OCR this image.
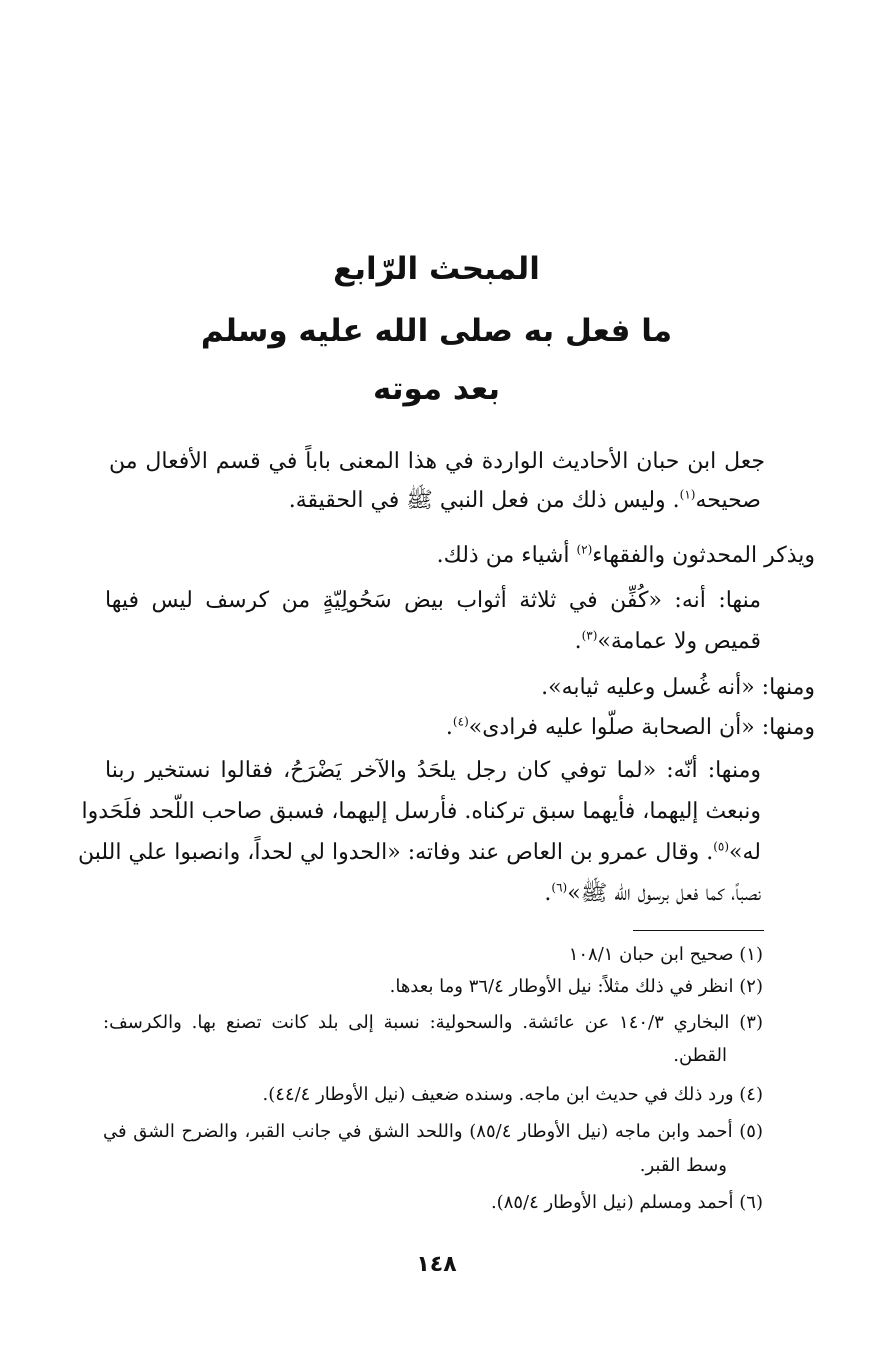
المبحث الرّابع
ما فعل به صلى الله عليه وسلم
بعد موته
جعل ابن حبان الأحاديث الواردة في هذا المعنى باباً في قسم الأفعال من
صحيحه$^{(١)}$. وليس ذلك من فعل النبي ﷺ في الحقيقة.
ويذكر المحدثون والفقهاء$^{(٢)}$ أشياء من ذلك.
منها: أنه: «كُفِّن في ثلاثة أثواب بيض سَحُولِيّةٍ من كرسف ليس فيها
قميص ولا عمامة»$^{(٣)}$.
ومنها: «أنه غُسل وعليه ثيابه».
ومنها: «أن الصحابة صلّوا عليه فرادى»$^{(٤)}$.
ومنها: أنّه: «لما توفي كان رجل يلحَدُ والآخر يَضْرَحُ، فقالوا نستخير ربنا
ونبعث إليهما، فأيهما سبق تركناه. فأرسل إليهما، فسبق صاحب اللّحد فلَحَدوا
له»$^{(٥)}$. وقال عمرو بن العاص عند وفاته: «الحدوا لي لحداً، وانصبوا علي اللبن
نصباً، كما فعل برسول الله ﷺ»$^{(٦)}$.
(١) صحيح ابن حبان ١٠٨/١
(٢) انظر في ذلك مثلاً: نيل الأوطار ٣٦/٤ وما بعدها.
(٣) البخاري ١٤٠/٣ عن عائشة. والسحولية: نسبة إلى بلد كانت تصنع بها. والكرسف:
القطن.
(٤) ورد ذلك في حديث ابن ماجه. وسنده ضعيف (نيل الأوطار ٤٤/٤).
(٥) أحمد وابن ماجه (نيل الأوطار ٨٥/٤) واللحد الشق في جانب القبر، والضرح الشق في
وسط القبر.
(٦) أحمد ومسلم (نيل الأوطار ٨٥/٤).
١٤٨
